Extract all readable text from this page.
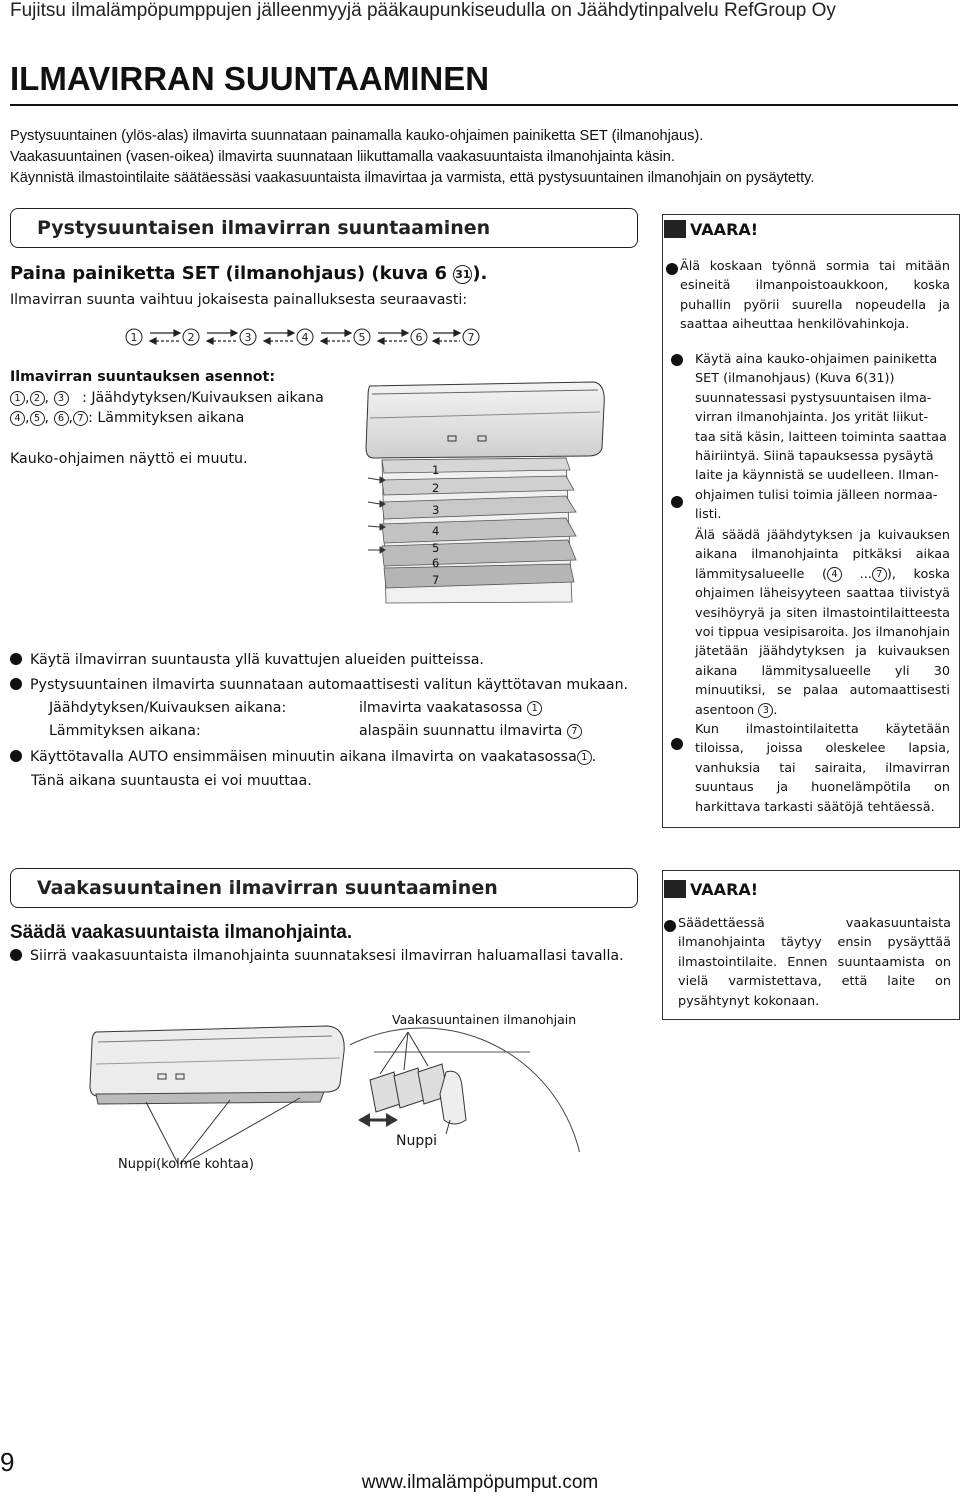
Fujitsu ilmalämpöpumppujen jälleenmyyjä pääkaupunkiseudulla on Jäähdytinpalvelu RefGroup Oy
ILMAVIRRAN SUUNTAAMINEN
Pystysuuntainen (ylös-alas) ilmavirta suunnataan painamalla kauko-ohjaimen painiketta SET (ilmanohjaus).
Vaakasuuntainen (vasen-oikea) ilmavirta suunnataan liikuttamalla vaakasuuntaista ilmanohjainta käsin.
Käynnistä ilmastointilaite säätäessäsi vaakasuuntaista ilmavirtaa ja varmista, että pystysuuntainen ilmanohjain on pysäytetty.
Pystysuuntaisen ilmavirran suuntaaminen
Paina painiketta SET (ilmanohjaus) (kuva 6 31 ).
Ilmavirran suunta vaihtuu jokaisesta painalluksesta seuraavasti:
1	2	3	4	5	6	7
Ilmavirran suuntauksen asennot:
1 , 2 , 3 : Jäähdytyksen/Kuivauksen aikana
4 , 5 , 6 , 7 : Lämmityksen aikana
Kauko-ohjaimen näyttö ei muutu.
1
2
3
4
5
6
7
Käytä ilmavirran suuntausta yllä kuvattujen alueiden puitteissa.
Pystysuuntainen ilmavirta suunnataan automaattisesti valitun käyttötavan mukaan.
Jäähdytyksen/Kuivauksen aikana:	ilmavirta vaakatasossa 1
Lämmityksen aikana:	alaspäin suunnattu ilmavirta 7
Käyttötavalla AUTO ensimmäisen minuutin aikana ilmavirta on vaakatasossa 1 .
Tänä aikana suuntausta ei voi muuttaa.
VAARA!
Älä koskaan työnnä sormia tai mitään esineitä ilmanpoistoaukkoon, koska puhallin pyörii suurella nopeudella ja saattaa aiheuttaa henkilövahinkoja.
Käytä aina kauko-ohjaimen painiketta
SET (ilmanohjaus) (Kuva 6(31))
suunnatessasi pystysuuntaisen ilma-
virran ilmanohjainta. Jos yrität liikut-
taa sitä käsin, laitteen toiminta saattaa
häiriintyä. Siinä tapauksessa pysäytä
laite ja käynnistä se uudelleen. Ilman-
ohjaimen tulisi toimia jälleen normaa-
listi.
Älä säädä jäähdytyksen ja kuivauksen aikana ilmanohjainta pitkäksi aikaa lämmitysalueelle ( 4 ... 7 ), koska ohjaimen läheisyyteen saattaa tiivistyä vesihöyryä ja siten ilmastointilaitteesta voi tippua vesipisaroita. Jos ilmanohjain jätetään jäähdytyksen ja kuivauksen aikana lämmitysalueelle yli 30 minuutiksi, se palaa automaattisesti asentoon 3 .
Kun ilmastointilaitetta käytetään tiloissa, joissa oleskelee lapsia, vanhuksia tai sairaita, ilmavirran suuntaus ja huonelämpötila on harkittava tarkasti säätöjä tehtäessä.
Vaakasuuntainen ilmavirran suuntaaminen
Säädä vaakasuuntaista ilmanohjainta.
Siirrä vaakasuuntaista ilmanohjainta suunnataksesi ilmavirran haluamallasi tavalla.
Nuppi(kolme kohtaa)
Vaakasuuntainen ilmanohjain
Nuppi
VAARA!
Säädettäessä vaakasuuntaista ilmanohjainta täytyy ensin pysäyttää ilmastointilaite. Ennen suuntaamista on vielä varmistettava, että laite on pysähtynyt kokonaan.
9
www.ilmalämpöpumput.com
